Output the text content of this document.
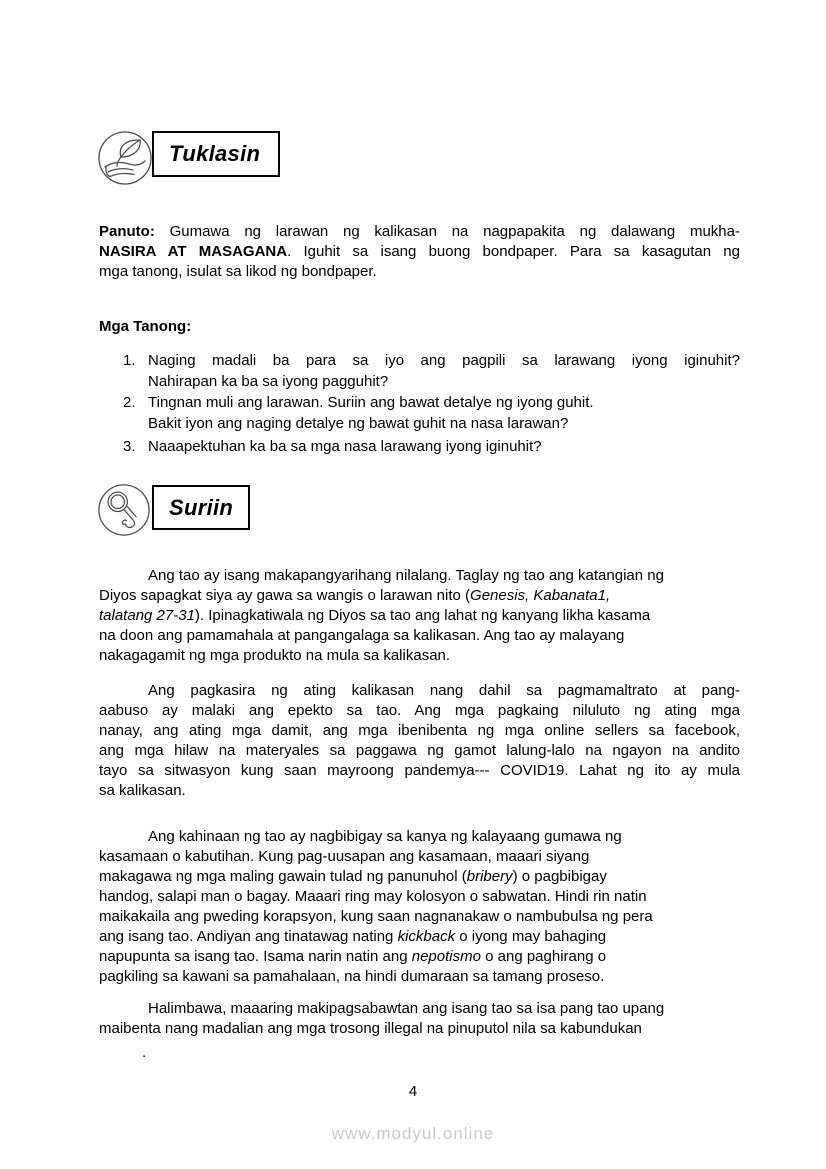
Tuklasin
Panuto: Gumawa ng larawan ng kalikasan na nagpapakita ng dalawang mukha-
NASIRA AT MASAGANA. Iguhit sa isang buong bondpaper. Para sa kasagutan ng
mga tanong, isulat sa likod ng bondpaper.
Mga Tanong:
1. Naging madali ba para sa iyo ang pagpili sa larawang iyong iginuhit?
Nahirapan ka ba sa iyong pagguhit?
2. Tingnan muli ang larawan. Suriin ang bawat detalye ng iyong guhit.
Bakit iyon ang naging detalye ng bawat guhit na nasa larawan?
3. Naaapektuhan ka ba sa mga nasa larawang iyong iginuhit?
Suriin
Ang tao ay isang makapangyarihang nilalang. Taglay ng tao ang katangian ng
Diyos sapagkat siya ay gawa sa wangis o larawan nito (Genesis, Kabanata1,
talatang 27-31). Ipinagkatiwala ng Diyos sa tao ang lahat ng kanyang likha kasama
na doon ang pamamahala at pangangalaga sa kalikasan. Ang tao ay malayang
nakagagamit ng mga produkto na mula sa kalikasan.
Ang pagkasira ng ating kalikasan nang dahil sa pagmamaltrato at pang-
aabuso ay malaki ang epekto sa tao. Ang mga pagkaing niluluto ng ating mga
nanay, ang ating mga damit, ang mga ibenibenta ng mga online sellers sa facebook,
ang mga hilaw na materyales sa paggawa ng gamot lalung-lalo na ngayon na andito
tayo sa sitwasyon kung saan mayroong pandemya--- COVID19. Lahat ng ito ay mula
sa kalikasan.
Ang kahinaan ng tao ay nagbibigay sa kanya ng kalayaang gumawa ng
kasamaan o kabutihan. Kung pag-uusapan ang kasamaan, maaari siyang
makagawa ng mga maling gawain tulad ng panunuhol (bribery) o pagbibigay
handog, salapi man o bagay. Maaari ring may kolosyon o sabwatan. Hindi rin natin
maikakaila ang pweding korapsyon, kung saan nagnanakaw o nambubulsa ng pera
ang isang tao. Andiyan ang tinatawag nating kickback o iyong may bahaging
napupunta sa isang tao. Isama narin natin ang nepotismo o ang paghirang o
pagkiling sa kawani sa pamahalaan, na hindi dumaraan sa tamang proseso.
Halimbawa, maaaring makipagsabawtan ang isang tao sa isa pang tao upang
maibenta nang madalian ang mga trosong illegal na pinuputol nila sa kabundukan
.
4
www.modyul.online
